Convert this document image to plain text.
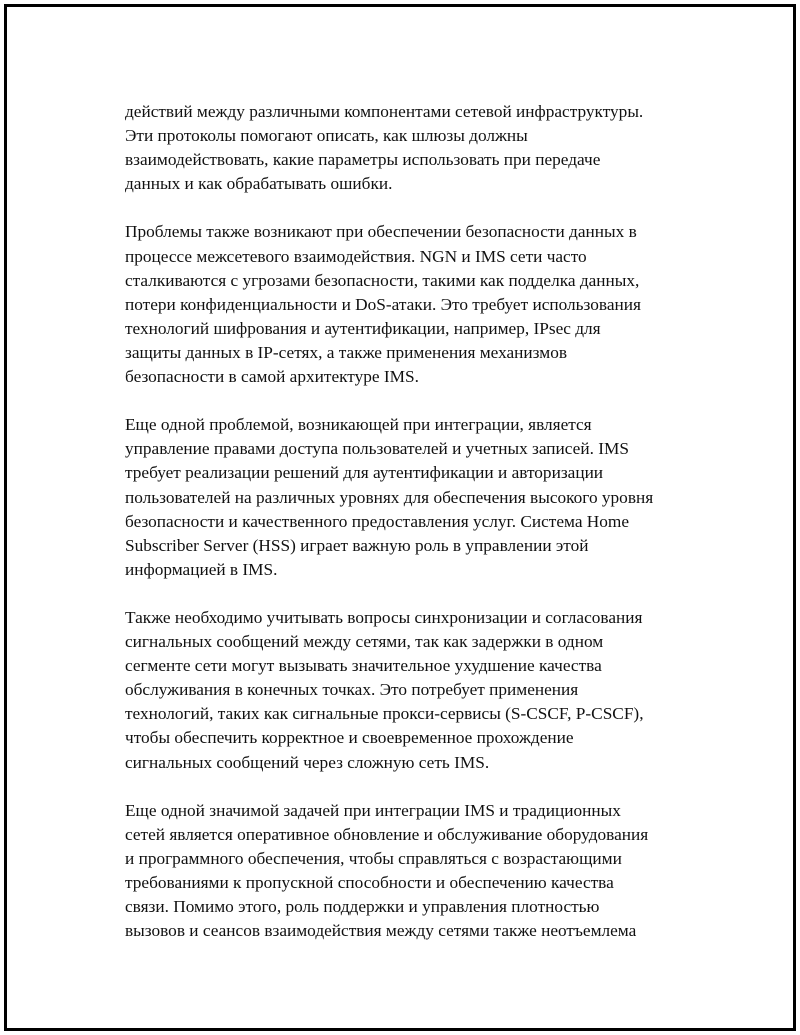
действий между различными компонентами сетевой инфраструктуры.
Эти протоколы помогают описать, как шлюзы должны
взаимодействовать, какие параметры использовать при передаче
данных и как обрабатывать ошибки.

Проблемы также возникают при обеспечении безопасности данных в
процессе межсетевого взаимодействия. NGN и IMS сети часто
сталкиваются с угрозами безопасности, такими как подделка данных,
потери конфиденциальности и DoS-атаки. Это требует использования
технологий шифрования и аутентификации, например, IPsec для
защиты данных в IP-сетях, а также применения механизмов
безопасности в самой архитектуре IMS.

Еще одной проблемой, возникающей при интеграции, является
управление правами доступа пользователей и учетных записей. IMS
требует реализации решений для аутентификации и авторизации
пользователей на различных уровнях для обеспечения высокого уровня
безопасности и качественного предоставления услуг. Система Home
Subscriber Server (HSS) играет важную роль в управлении этой
информацией в IMS.

Также необходимо учитывать вопросы синхронизации и согласования
сигнальных сообщений между сетями, так как задержки в одном
сегменте сети могут вызывать значительное ухудшение качества
обслуживания в конечных точках. Это потребует применения
технологий, таких как сигнальные прокси-сервисы (S-CSCF, P-CSCF),
чтобы обеспечить корректное и своевременное прохождение
сигнальных сообщений через сложную сеть IMS.

Еще одной значимой задачей при интеграции IMS и традиционных
сетей является оперативное обновление и обслуживание оборудования
и программного обеспечения, чтобы справляться с возрастающими
требованиями к пропускной способности и обеспечению качества
связи. Помимо этого, роль поддержки и управления плотностью
вызовов и сеансов взаимодействия между сетями также неотъемлема
